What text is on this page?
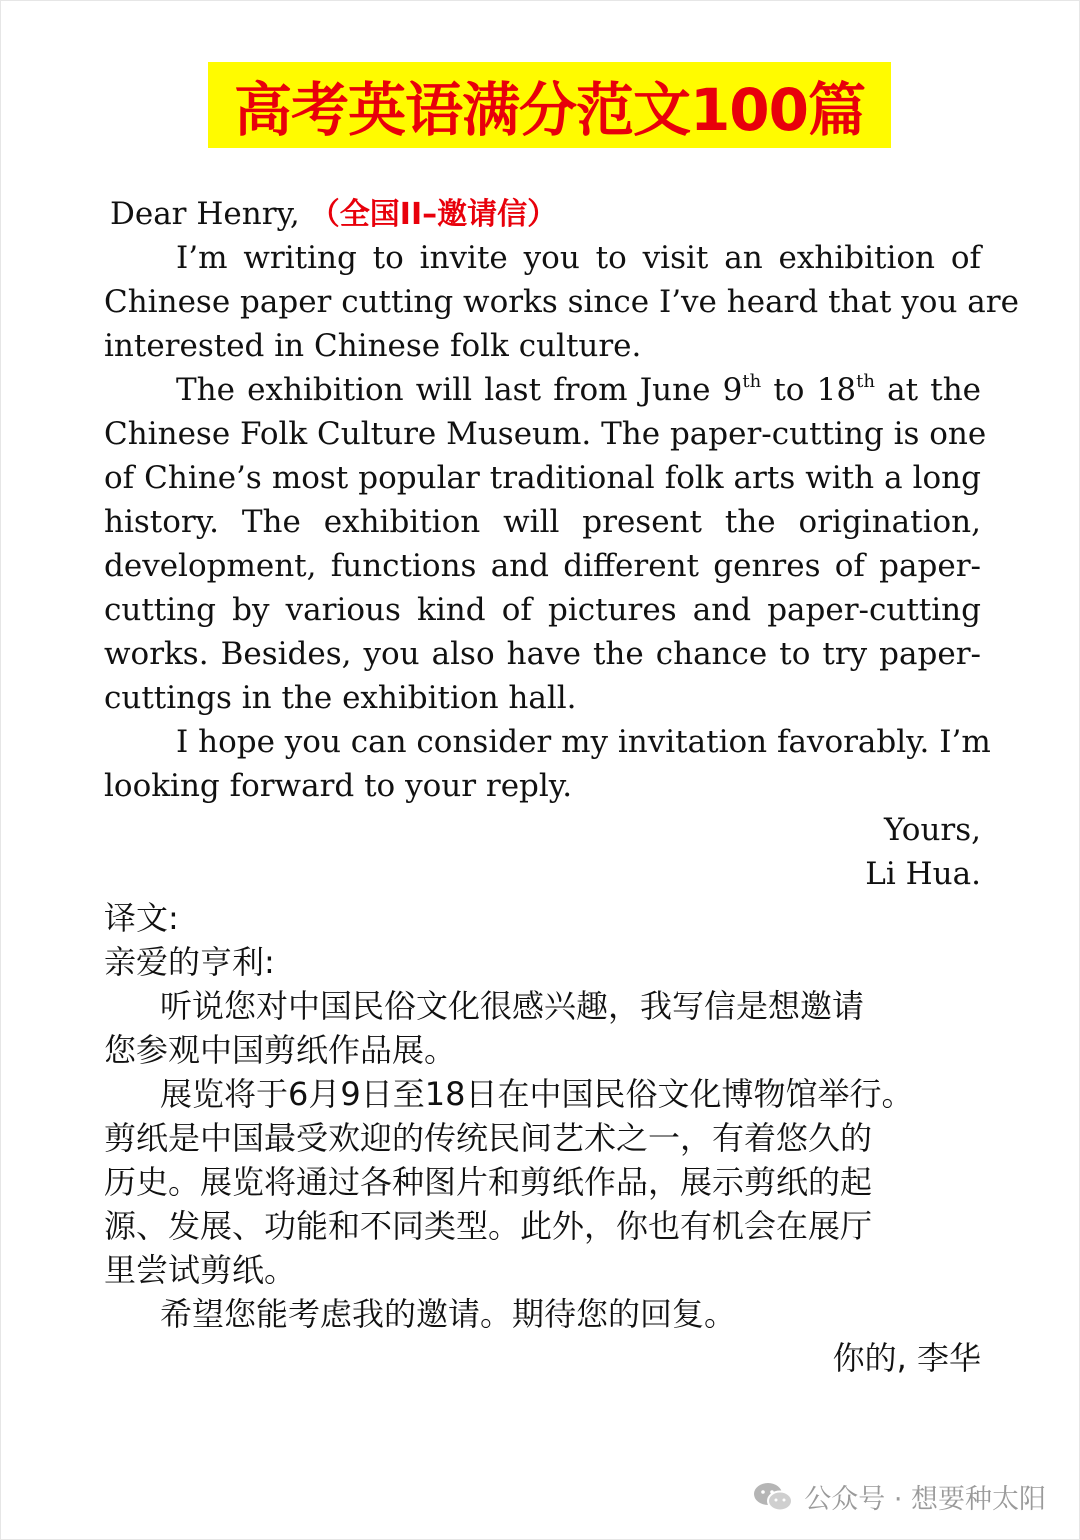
高考英语满分范文100篇
Dear Henry, （全国II–邀请信）
I’m writing to invite you to visit an exhibition of
Chinese paper cutting works since I’ve heard that you are
interested in Chinese folk culture.
The exhibition will last from June 9th to 18th at the
Chinese Folk Culture Museum. The paper-cutting is one
of Chine’s most popular traditional folk arts with a long
history. The exhibition will present the origination,
development, functions and different genres of paper-
cutting by various kind of pictures and paper-cutting
works. Besides, you also have the chance to try paper-
cuttings in the exhibition hall.
I hope you can consider my invitation favorably. I’m
looking forward to your reply.
Yours,
Li Hua.
译文:
亲爱的亨利:
听说您对中国民俗文化很感兴趣，我写信是想邀请
您参观中国剪纸作品展。
展览将于6月9日至18日在中国民俗文化博物馆举行。
剪纸是中国最受欢迎的传统民间艺术之一，有着悠久的
历史。展览将通过各种图片和剪纸作品，展示剪纸的起
源、发展、功能和不同类型。此外，你也有机会在展厅
里尝试剪纸。
希望您能考虑我的邀请。期待您的回复。
你的, 李华
公众号 · 想要种太阳
